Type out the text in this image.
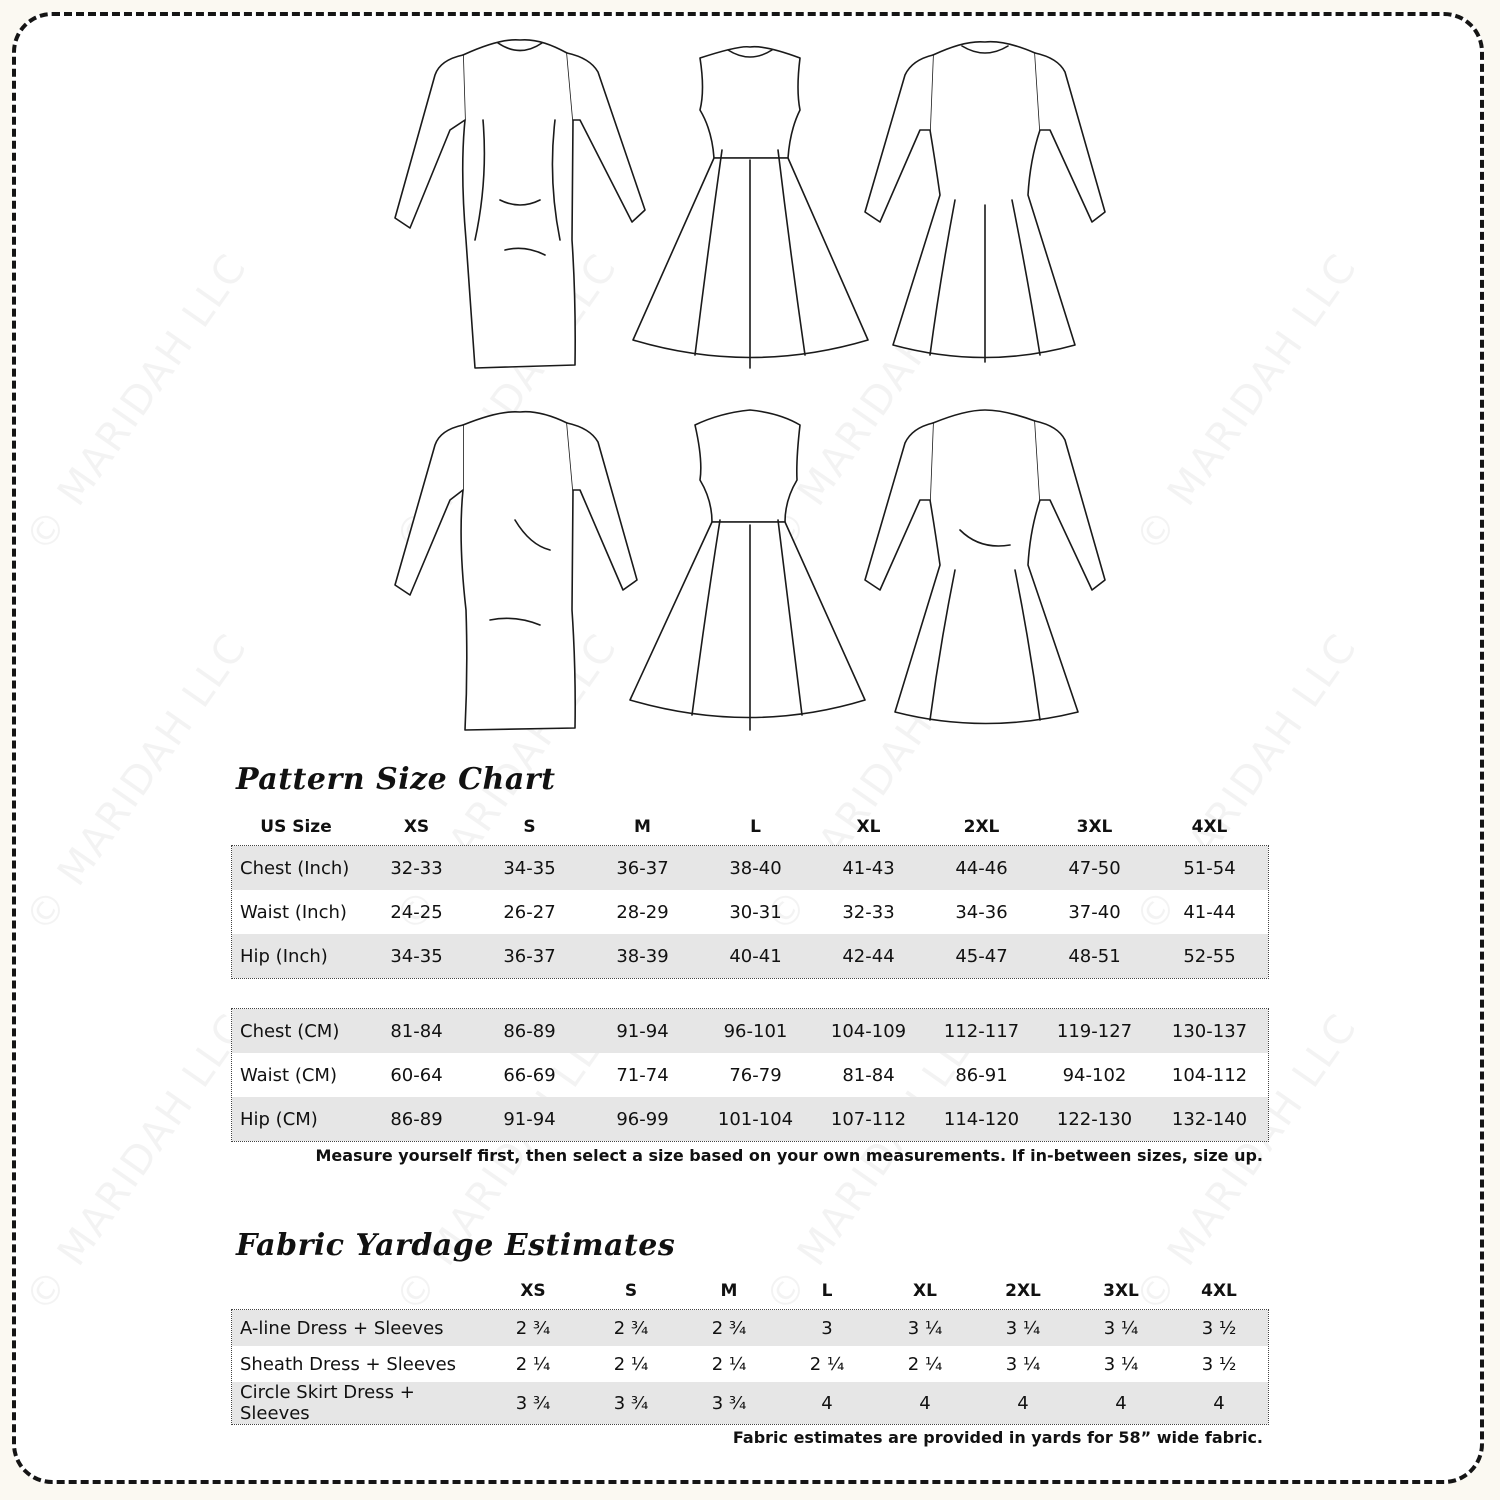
Pattern Size Chart
US Size	XS	S	M	L	XL	2XL	3XL	4XL
Chest (Inch)	32-33	34-35	36-37	38-40	41-43	44-46	47-50	51-54
Waist (Inch)	24-25	26-27	28-29	30-31	32-33	34-36	37-40	41-44
Hip (Inch)	34-35	36-37	38-39	40-41	42-44	45-47	48-51	52-55
Chest (CM)	81-84	86-89	91-94	96-101	104-109	112-117	119-127	130-137
Waist (CM)	60-64	66-69	71-74	76-79	81-84	86-91	94-102	104-112
Hip (CM)	86-89	91-94	96-99	101-104	107-112	114-120	122-130	132-140
Measure yourself first, then select a size based on your own measurements. If in-between sizes, size up.
Fabric Yardage Estimates
	XS	S	M	L	XL	2XL	3XL	4XL
A-line Dress + Sleeves	2 ¾	2 ¾	2 ¾	3	3 ¼	3 ¼	3 ¼	3 ½
Sheath Dress + Sleeves	2 ¼	2 ¼	2 ¼	2 ¼	2 ¼	3 ¼	3 ¼	3 ½
Circle Skirt Dress + Sleeves	3 ¾	3 ¾	3 ¾	4	4	4	4	4
Fabric estimates are provided in yards for 58” wide fabric.
